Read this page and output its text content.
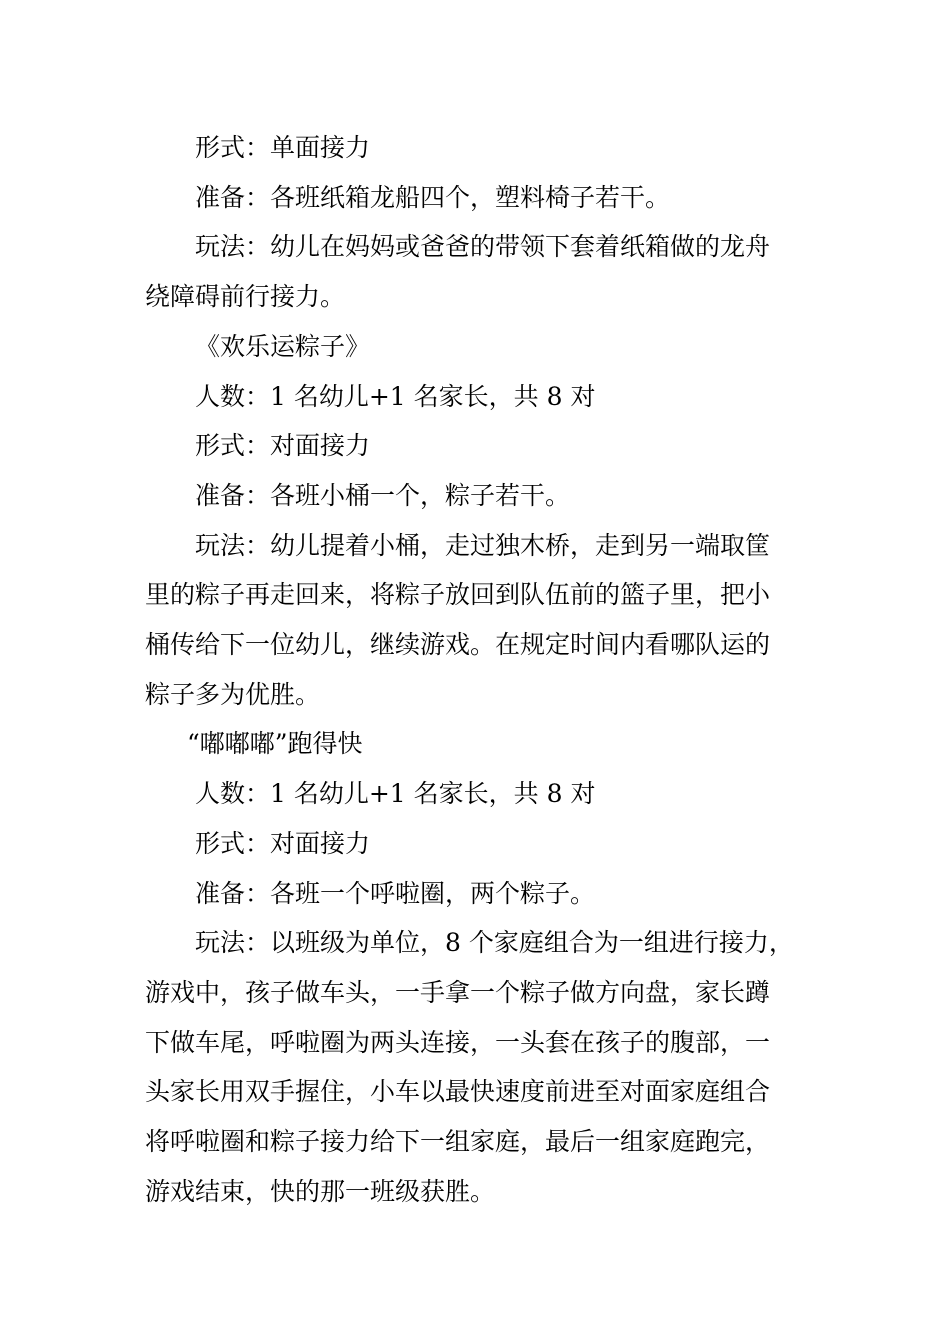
形式：单面接力

准备：各班纸箱龙船四个，塑料椅子若干。

玩法：幼儿在妈妈或爸爸的带领下套着纸箱做的龙舟
绕障碍前行接力。

《欢乐运粽子》

人数：1 名幼儿+1 名家长，共 8 对

形式：对面接力

准备：各班小桶一个，粽子若干。

玩法：幼儿提着小桶，走过独木桥，走到另一端取筐
里的粽子再走回来，将粽子放回到队伍前的篮子里，把小
桶传给下一位幼儿，继续游戏。在规定时间内看哪队运的
粽子多为优胜。

“嘟嘟嘟”跑得快

人数：1 名幼儿+1 名家长，共 8 对

形式：对面接力

准备：各班一个呼啦圈，两个粽子。

玩法：以班级为单位，8 个家庭组合为一组进行接力，
游戏中，孩子做车头，一手拿一个粽子做方向盘，家长蹲
下做车尾，呼啦圈为两头连接，一头套在孩子的腹部，一
头家长用双手握住，小车以最快速度前进至对面家庭组合
将呼啦圈和粽子接力给下一组家庭，最后一组家庭跑完，
游戏结束，快的那一班级获胜。
